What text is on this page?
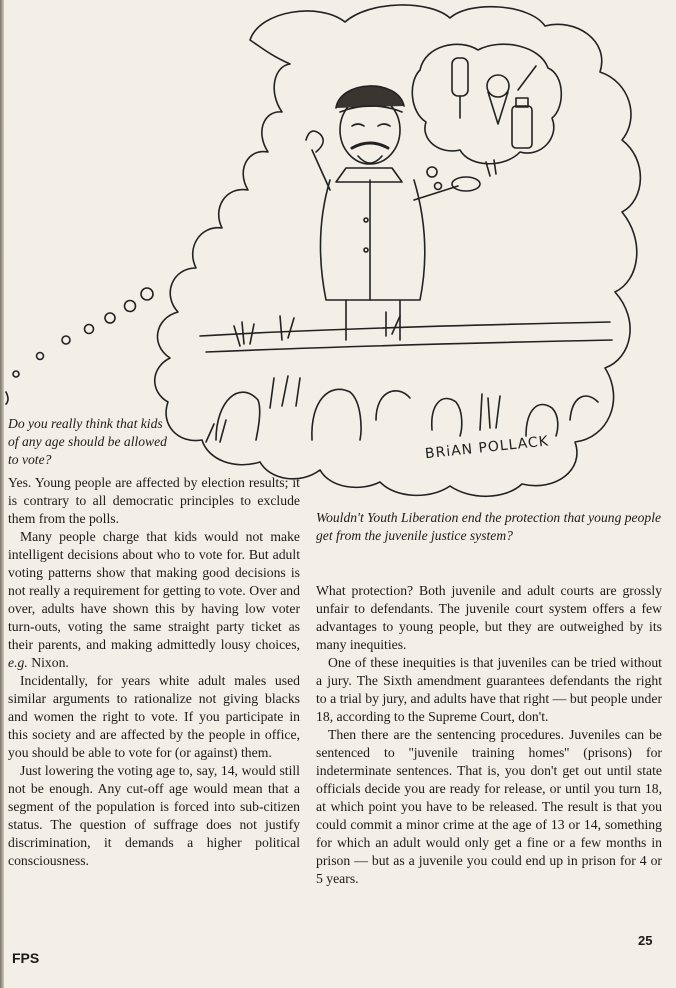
BRiAN POLLACK
Do you really think that kids of any age should be allowed to vote?

Yes. Young people are affected by election results; it is contrary to all democratic principles to exclude them from the polls.

Many people charge that kids would not make intelligent decisions about who to vote for. But adult voting patterns show that making good decisions is not really a requirement for getting to vote. Over and over, adults have shown this by having low voter turn-outs, voting the same straight party ticket as their parents, and making admittedly lousy choices, e.g. Nixon.

Incidentally, for years white adult males used similar arguments to rationalize not giving blacks and women the right to vote. If you participate in this society and are affected by the people in office, you should be able to vote for (or against) them.

Just lowering the voting age to, say, 14, would still not be enough. Any cut-off age would mean that a segment of the population is forced into sub-citizen status. The question of suffrage does not justify discrimination, it demands a higher political consciousness.

Wouldn't Youth Liberation end the protection that young people get from the juvenile justice system?

What protection? Both juvenile and adult courts are grossly unfair to defendants. The juvenile court system offers a few advantages to young people, but they are outweighed by its many inequities.

One of these inequities is that juveniles can be tried without a jury. The Sixth amendment guarantees defendants the right to a trial by jury, and adults have that right — but people under 18, according to the Supreme Court, don't.

Then there are the sentencing procedures. Juveniles can be sentenced to ''juvenile training homes'' (prisons) for indeterminate sentences. That is, you don't get out until state officials decide you are ready for release, or until you turn 18, at which point you have to be released. The result is that you could commit a minor crime at the age of 13 or 14, something for which an adult would only get a fine or a few months in prison — but as a juvenile you could end up in prison for 4 or 5 years.

FPS
25
